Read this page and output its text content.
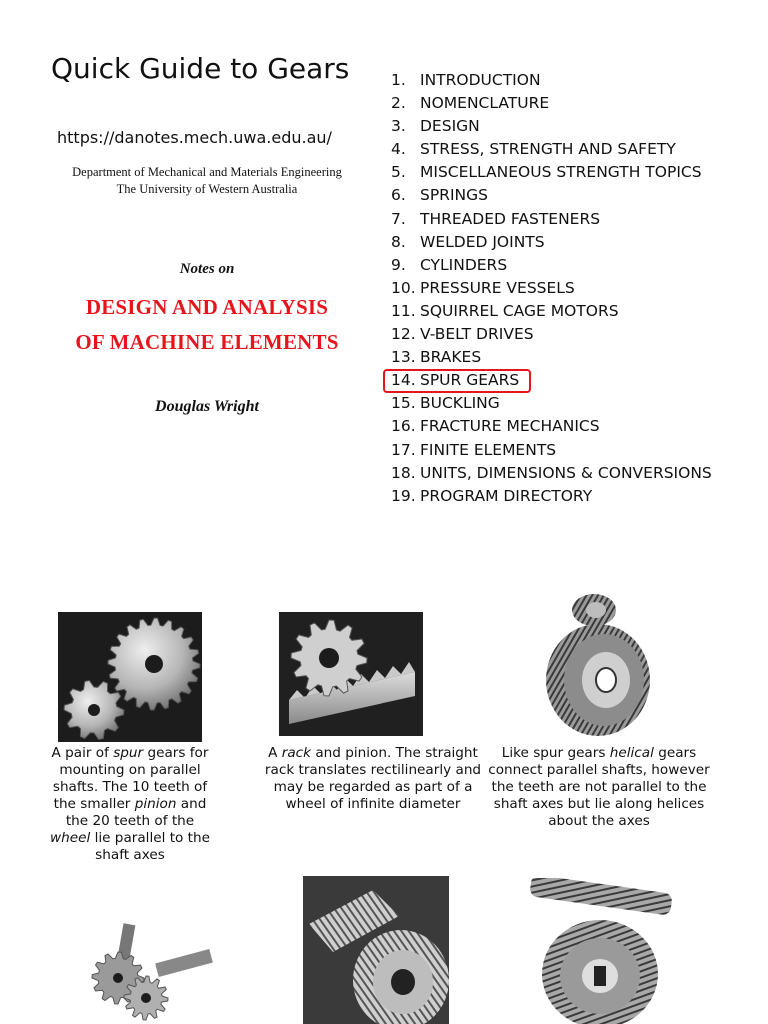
Quick Guide to Gears
https://danotes.mech.uwa.edu.au/
Department of Mechanical and Materials Engineering
The University of Western Australia
Notes on
DESIGN AND ANALYSIS
OF MACHINE ELEMENTS
Douglas Wright
1. INTRODUCTION
2. NOMENCLATURE
3. DESIGN
4. STRESS, STRENGTH AND SAFETY
5. MISCELLANEOUS STRENGTH TOPICS
6. SPRINGS
7. THREADED FASTENERS
8. WELDED JOINTS
9. CYLINDERS
10. PRESSURE VESSELS
11. SQUIRREL CAGE MOTORS
12. V-BELT DRIVES
13. BRAKES
14. SPUR GEARS
15. BUCKLING
16. FRACTURE MECHANICS
17. FINITE ELEMENTS
18. UNITS, DIMENSIONS & CONVERSIONS
19. PROGRAM DIRECTORY
A pair of spur gears for mounting on parallel shafts. The 10 teeth of the smaller pinion and the 20 teeth of the wheel lie parallel to the shaft axes
A rack and pinion. The straight rack translates rectilinearly and may be regarded as part of a wheel of infinite diameter
Like spur gears helical gears connect parallel shafts, however the teeth are not parallel to the shaft axes but lie along helices about the axes
